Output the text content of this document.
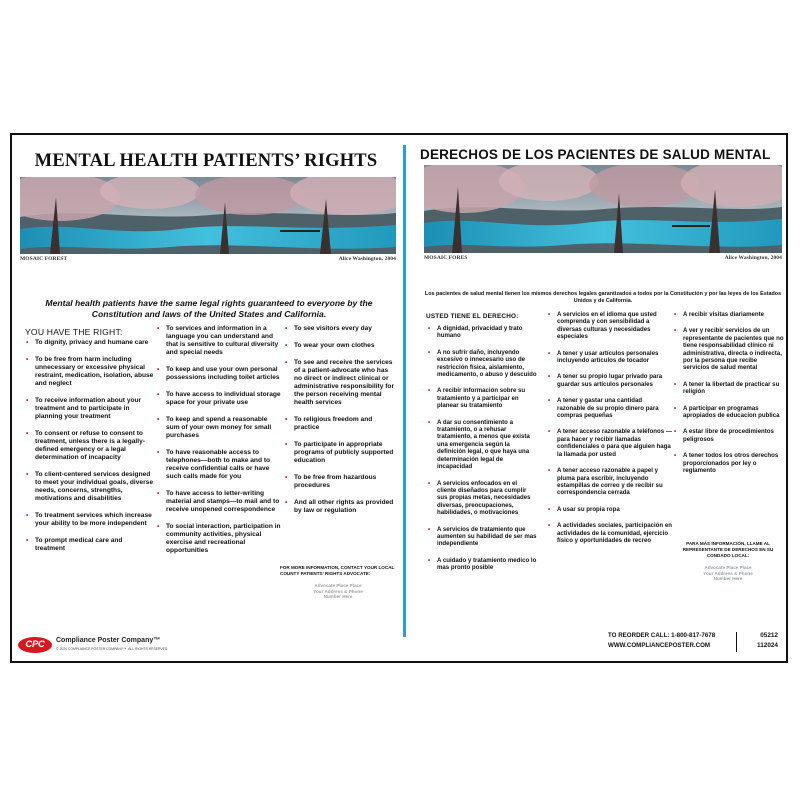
MENTAL HEALTH PATIENTS’ RIGHTS
MOSAIC FOREST	Alice Washington, 2004
Mental health patients have the same legal rights guaranteed to everyone by the Constitution and laws of the United States and California.
YOU HAVE THE RIGHT:
• To dignity, privacy and humane care
• To be free from harm including unnecessary or excessive physical restraint, medication, isolation, abuse and neglect
• To receive information about your treatment and to participate in planning your treatment
• To consent or refuse to consent to treatment, unless there is a legally- defined emergency or a legal determination of incapacity
• To client-centered services designed to meet your individual goals, diverse needs, concerns, strengths, motivations and disabilities
• To treatment services which increase your ability to be more independent
• To prompt medical care and treatment
• To services and information in a language you can understand and that is sensitive to cultural diversity and special needs
• To keep and use your own personal possessions including toilet articles
• To have access to individual storage space for your private use
• To keep and spend a reasonable sum of your own money for small purchases
• To have reasonable access to telephones—both to make and to receive confidential calls or have such calls made for you
• To have access to letter-writing material and stamps—to mail and to receive unopened correspondence
• To social interaction, participation in community activities, physical exercise and recreational opportunities
• To see visitors every day
• To wear your own clothes
• To see and receive the services of a patient-advocate who has no direct or indirect clinical or administrative responsibility for the person receiving mental health services
• To religious freedom and practice
• To participate in appropriate programs of publicly supported education
• To be free from hazardous procedures
• And all other rights as provided by law or regulation
FOR MORE INFORMATION, CONTACT YOUR LOCAL COUNTY PATIENTS’ RIGHTS ADVOCATE:
Advocate Place Place
Your Address & Phone
Number Here
CPC	Compliance Poster Company™
© 2024 COMPLIANCE POSTER COMPANY™. ALL RIGHTS RESERVED.
DERECHOS DE LOS PACIENTES DE SALUD MENTAL
MOSAIC FORES	Alice Washington, 2004
Los pacientes de salud mental tienen los mismos derechos legales garantizados a todos por la Constitución y por las leyes de los Estados Unidos y de California.
USTED TIENE EL DERECHO:
• A dignidad, privacidad y trato humano
• A no sufrir daño, incluyendo excesivo o innecesario uso de restricción física, aislamiento, medicamento, o abuso y descuido
• A recibir información sobre su tratamiento y a participar en planear su tratamiento
• A dar su consentimiento a tratamiento, o a rehusar tratamiento, a menos que exista una emergencia según la definición legal, o que haya una determinación legal de incapacidad
• A servicios enfocados en el cliente diseñados para cumplir sus propias metas, necesidades diversas, preocupaciones, habilidades, o motivaciones
• A servicios de tratamiento que aumenten su habilidad de ser mas independiente
• A cuidado y tratamiento medico lo mas pronto posible
• A servicios en el idioma que usted comprenda y con sensibilidad a diversas culturas y necesidades especiales
• A tener y usar artículos personales incluyendo artículos de tocador
• A tener su propio lugar privado para guardar sus artículos personales
• A tener y gastar una cantidad razonable de su propio dinero para compras pequeñas
• A tener acceso razonable a teléfonos — para hacer y recibir llamadas confidenciales o para que alguien haga la llamada por usted
• A tener acceso razonable a papel y pluma para escribir, incluyendo estampillas de correo y de recibir su correspondencia cerrada
• A usar su propia ropa
• A actividades sociales, participación en actividades de la comunidad, ejercicio físico y oportunidades de recreo
• A recibir visitas diariamente
• A ver y recibir servicios de un representante de pacientes que no tiene responsabilidad clínico ni administrativa, directa o indirecta, por la persona que recibe servicios de salud mental
• A tener la libertad de practicar su religión
• A participar en programas apropiados de educacion publica
• A estar libre de procedimientos peligrosos
• A tener todos los otros derechos proporcionados por ley o reglamento
PARA MÁS INFORMACIÓN, LLAME AL REPRESENTANTE DE DERECHOS EN SU CONDADO LOCAL:
Advocate Place Place
Your Address & Phone
Number Here
TO REORDER CALL: 1-800-817-7678
WWW.COMPLIANCEPOSTER.COM
05212
112024
